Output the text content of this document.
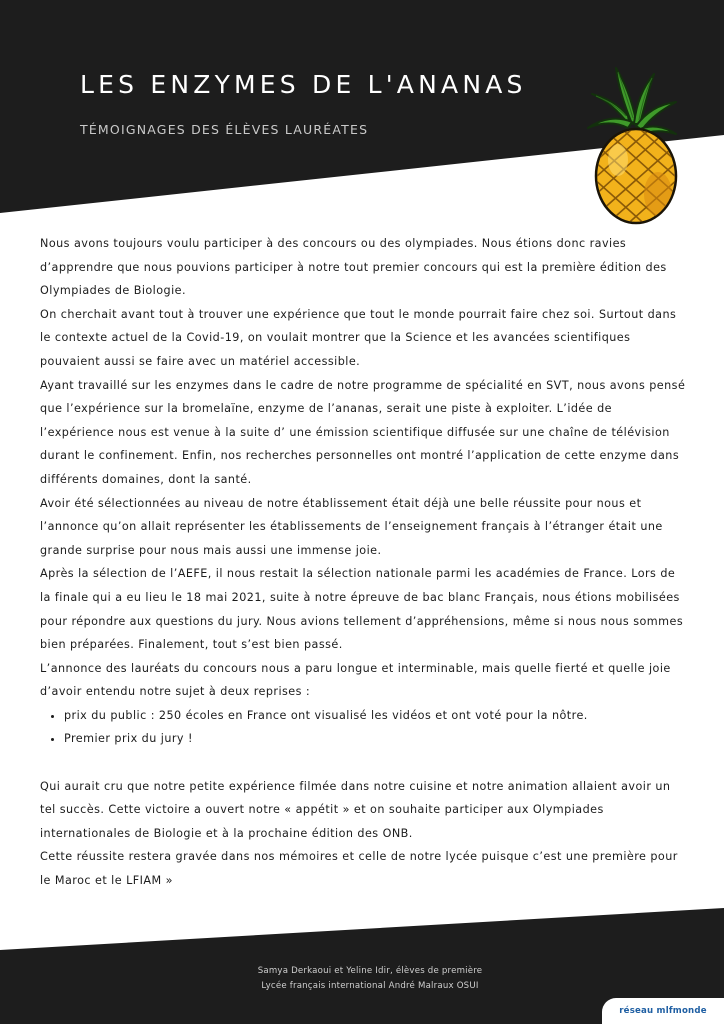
LES ENZYMES DE L'ANANAS
TÉMOIGNAGES DES ÉLÈVES LAURÉATES

Nous avons toujours voulu participer à des concours ou des olympiades. Nous étions donc ravies d’apprendre que nous pouvions participer à notre tout premier concours qui est la première édition des Olympiades de Biologie.

On cherchait avant tout à trouver une expérience que tout le monde pourrait faire chez soi. Surtout dans le contexte actuel de la Covid-19, on voulait montrer que la Science et les avancées scientifiques pouvaient aussi se faire avec un matériel accessible.

Ayant travaillé sur les enzymes dans le cadre de notre programme de spécialité en SVT, nous avons pensé que l’expérience sur la bromelaïne, enzyme de l’ananas, serait une piste à exploiter. L’idée de l’expérience nous est venue à la suite d’ une émission scientifique diffusée sur une chaîne de télévision durant le confinement. Enfin, nos recherches personnelles ont montré l’application de cette enzyme dans différents domaines, dont la santé.

Avoir été sélectionnées au niveau de notre établissement était déjà une belle réussite pour nous et l’annonce qu’on allait représenter les établissements de l’enseignement français à l’étranger était une grande surprise pour nous mais aussi une immense joie.

Après la sélection de l’AEFE, il nous restait la sélection nationale parmi les académies de France. Lors de la finale qui a eu lieu le 18 mai 2021, suite à notre épreuve de bac blanc Français, nous étions mobilisées pour répondre aux questions du jury. Nous avions tellement d’appréhensions, même si nous nous sommes bien préparées. Finalement, tout s’est bien passé.

L’annonce des lauréats du concours nous a paru longue et interminable, mais quelle fierté et quelle joie d’avoir entendu notre sujet à deux reprises :

• prix du public : 250 écoles en France ont visualisé les vidéos et ont voté pour la nôtre.
• Premier prix du jury !

Qui aurait cru que notre petite expérience filmée dans notre cuisine et notre animation allaient avoir un tel succès. Cette victoire a ouvert notre « appétit » et on souhaite participer aux Olympiades internationales de Biologie et à la prochaine édition des ONB.

Cette réussite restera gravée dans nos mémoires et celle de notre lycée puisque c’est une première pour le Maroc et le LFIAM »

Samya Derkaoui et Yeline Idir, élèves de première
Lycée français international André Malraux OSUI
réseau mlfmonde
